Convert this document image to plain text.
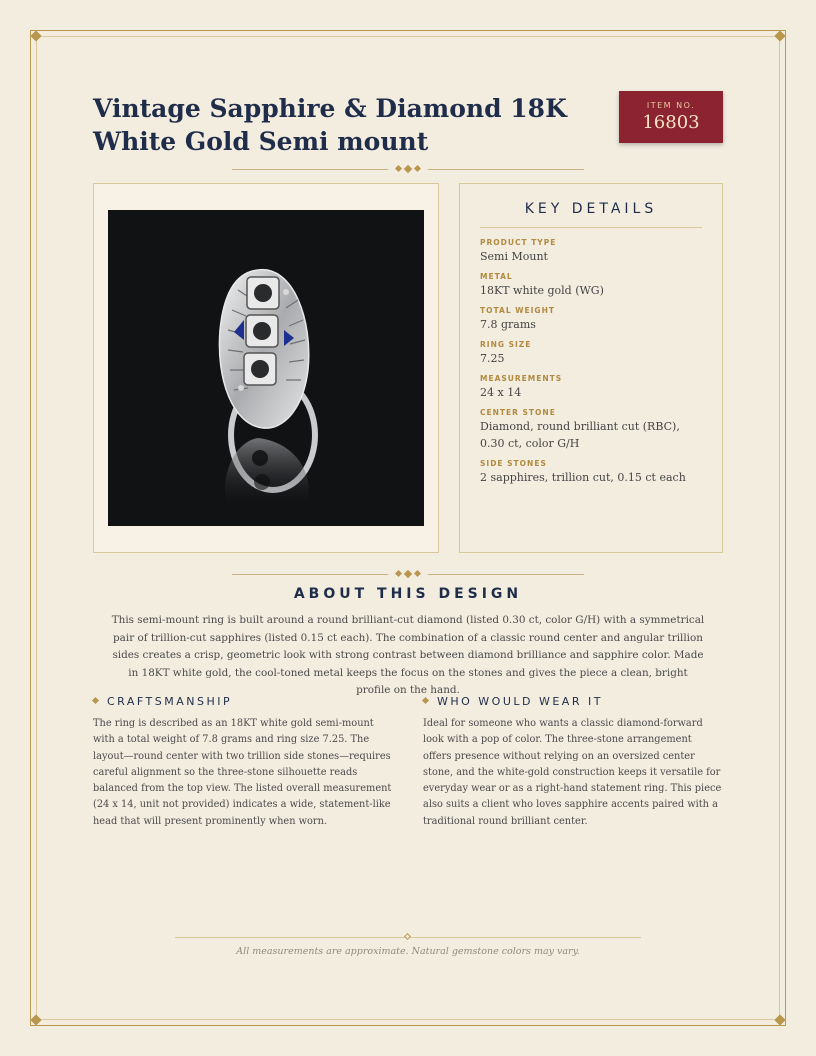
Vintage Sapphire & Diamond 18K White Gold Semi mount
ITEM NO.
16803
KEY DETAILS
PRODUCT TYPE
Semi Mount
METAL
18KT white gold (WG)
TOTAL WEIGHT
7.8 grams
RING SIZE
7.25
MEASUREMENTS
24 x 14
CENTER STONE
Diamond, round brilliant cut (RBC), 0.30 ct, color G/H
SIDE STONES
2 sapphires, trillion cut, 0.15 ct each
ABOUT THIS DESIGN

This semi-mount ring is built around a round brilliant-cut diamond (listed 0.30 ct, color G/H) with a symmetrical pair of trillion-cut sapphires (listed 0.15 ct each). The combination of a classic round center and angular trillion sides creates a crisp, geometric look with strong contrast between diamond brilliance and sapphire color. Made in 18KT white gold, the cool-toned metal keeps the focus on the stones and gives the piece a clean, bright profile on the hand.

CRAFTSMANSHIP

The ring is described as an 18KT white gold semi-mount with a total weight of 7.8 grams and ring size 7.25. The layout—round center with two trillion side stones—requires careful alignment so the three-stone silhouette reads balanced from the top view. The listed overall measurement (24 x 14, unit not provided) indicates a wide, statement-like head that will present prominently when worn.

WHO WOULD WEAR IT

Ideal for someone who wants a classic diamond-forward look with a pop of color. The three-stone arrangement offers presence without relying on an oversized center stone, and the white-gold construction keeps it versatile for everyday wear or as a right-hand statement ring. This piece also suits a client who loves sapphire accents paired with a traditional round brilliant center.

All measurements are approximate. Natural gemstone colors may vary.
